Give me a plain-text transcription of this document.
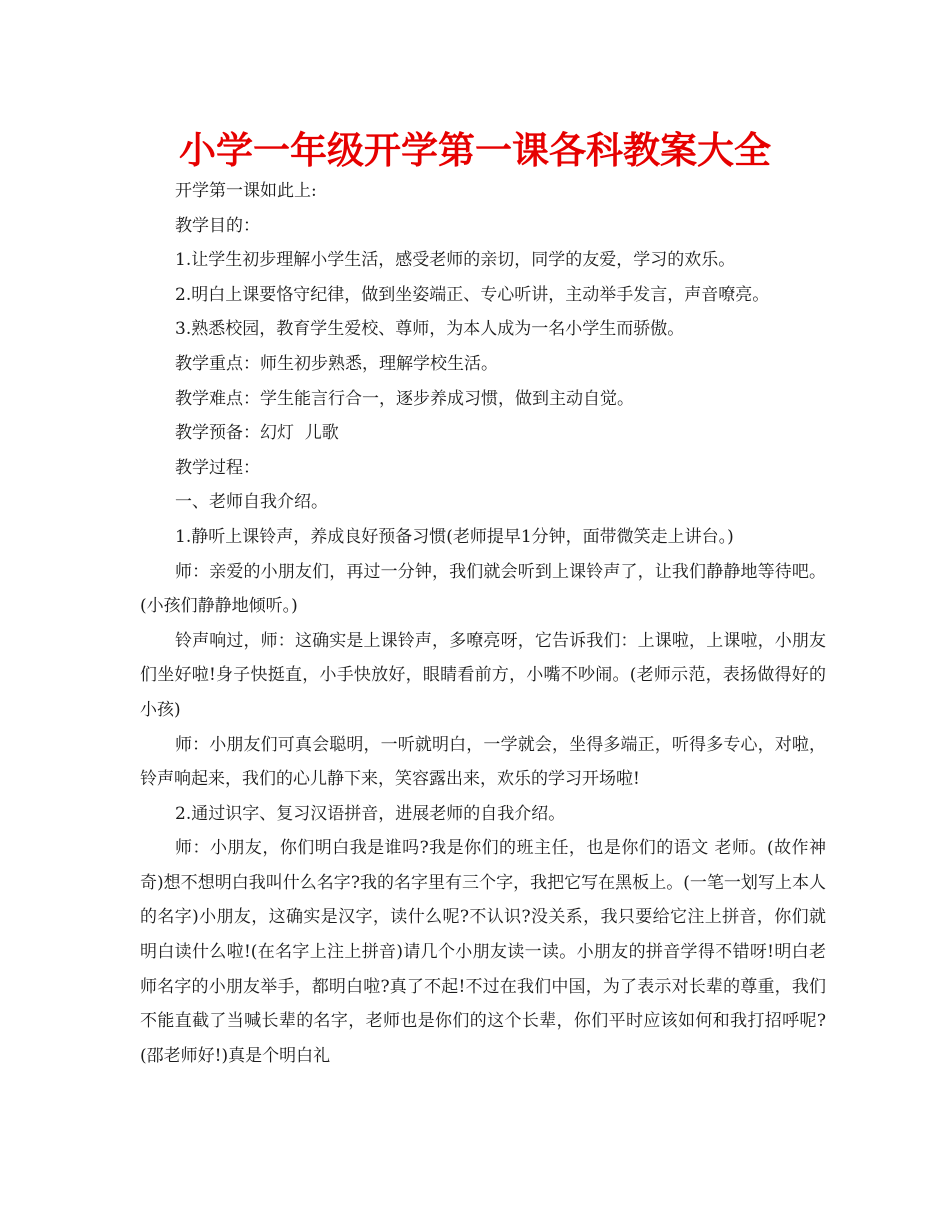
小学一年级开学第一课各科教案大全

开学第一课如此上:

教学目的：

1.让学生初步理解小学生活，感受老师的亲切，同学的友爱，学习的欢乐。

2.明白上课要恪守纪律，做到坐姿端正、专心听讲，主动举手发言，声音嘹亮。

3.熟悉校园，教育学生爱校、尊师，为本人成为一名小学生而骄傲。

教学重点：师生初步熟悉，理解学校生活。

教学难点：学生能言行合一，逐步养成习惯，做到主动自觉。

教学预备：幻灯  儿歌

教学过程：

一、老师自我介绍。

1.静听上课铃声，养成良好预备习惯(老师提早1分钟，面带微笑走上讲台。)

师：亲爱的小朋友们，再过一分钟，我们就会听到上课铃声了，让我们静静地等待吧。(小孩们静静地倾听。)

铃声响过，师：这确实是上课铃声，多嘹亮呀，它告诉我们：上课啦，上课啦，小朋友们坐好啦!身子快挺直，小手快放好，眼睛看前方，小嘴不吵闹。(老师示范，表扬做得好的小孩)

师：小朋友们可真会聪明，一听就明白，一学就会，坐得多端正，听得多专心，对啦，铃声响起来，我们的心儿静下来，笑容露出来，欢乐的学习开场啦!

2.通过识字、复习汉语拼音，进展老师的自我介绍。

师：小朋友，你们明白我是谁吗?我是你们的班主任，也是你们的语文 老师。(故作神奇)想不想明白我叫什么名字?我的名字里有三个字，我把它写在黑板上。(一笔一划写上本人的名字)小朋友，这确实是汉字，读什么呢?不认识?没关系，我只要给它注上拼音，你们就明白读什么啦!(在名字上注上拼音)请几个小朋友读一读。小朋友的拼音学得不错呀!明白老师名字的小朋友举手，都明白啦?真了不起!不过在我们中国，为了表示对长辈的尊重，我们不能直截了当喊长辈的名字，老师也是你们的这个长辈，你们平时应该如何和我打招呼呢?(邵老师好!)真是个明白礼
